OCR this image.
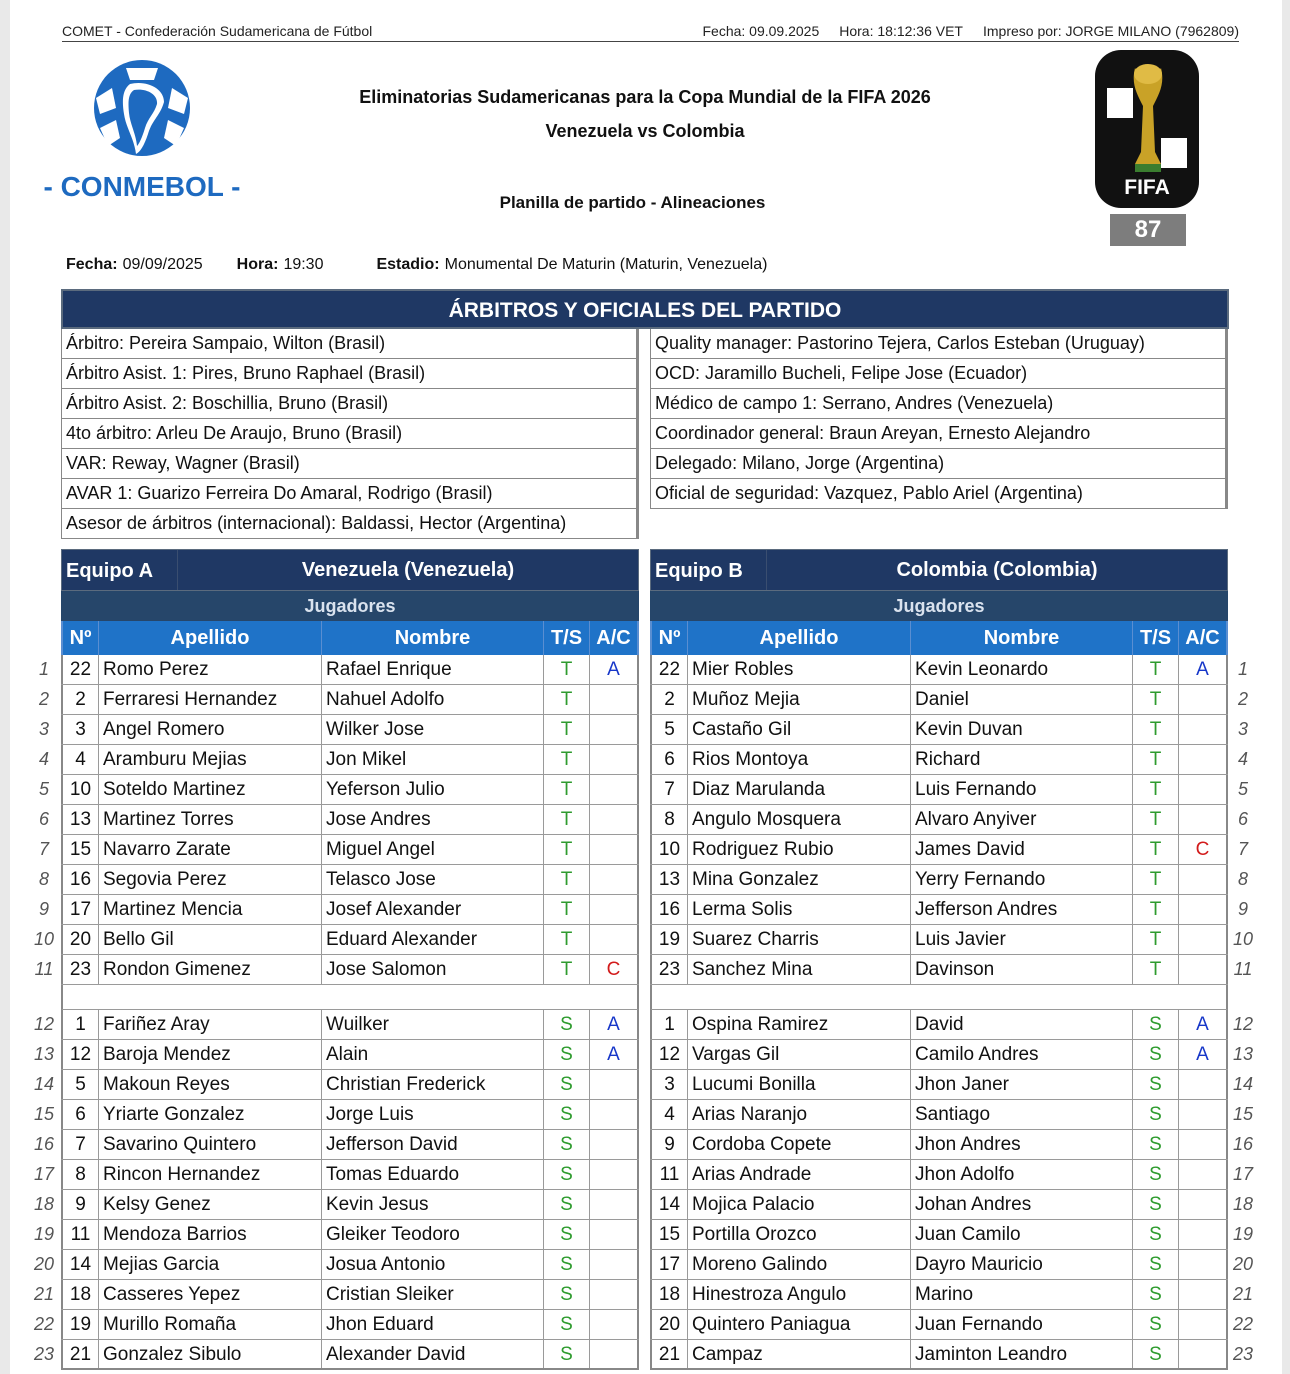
COMET - Confederación Sudamericana de Fútbol	Fecha: 09.09.2025 Hora: 18:12:36 VET Impreso por: JORGE MILANO (7962809)
- CONMEBOL -	FIFA
87
Eliminatorias Sudamericanas para la Copa Mundial de la FIFA 2026
Venezuela vs Colombia
Planilla de partido - Alineaciones
Fecha: 09/09/2025 Hora: 19:30	Estadio: Monumental De Maturin (Maturin, Venezuela)
ÁRBITROS Y OFICIALES DEL PARTIDO
Árbitro: Pereira Sampaio, Wilton (Brasil)
Árbitro Asist. 1: Pires, Bruno Raphael (Brasil)
Árbitro Asist. 2: Boschillia, Bruno (Brasil)
4to árbitro: Arleu De Araujo, Bruno (Brasil)
VAR: Reway, Wagner (Brasil)
AVAR 1: Guarizo Ferreira Do Amaral, Rodrigo (Brasil)
Asesor de árbitros (internacional): Baldassi, Hector (Argentina)
Quality manager: Pastorino Tejera, Carlos Esteban (Uruguay)
OCD: Jaramillo Bucheli, Felipe Jose (Ecuador)
Médico de campo 1: Serrano, Andres (Venezuela)
Coordinador general: Braun Areyan, Ernesto Alejandro
Delegado: Milano, Jorge (Argentina)
Oficial de seguridad: Vazquez, Pablo Ariel (Argentina)
Equipo A	Venezuela (Venezuela)
Jugadores
Nº	Apellido	Nombre	T/S A/C
22 Romo Perez	Rafael Enrique	T	A
2 Ferraresi Hernandez	Nahuel Adolfo	T
3 Angel Romero	Wilker Jose	T
4 Aramburu Mejias	Jon Mikel	T
10 Soteldo Martinez	Yeferson Julio	T
13 Martinez Torres	Jose Andres	T
15 Navarro Zarate	Miguel Angel	T
16 Segovia Perez	Telasco Jose	T
17 Martinez Mencia	Josef Alexander	T
20 Bello Gil	Eduard Alexander	T
23 Rondon Gimenez	Jose Salomon	T	C
1 Fariñez Aray	Wuilker	S	A
12 Baroja Mendez	Alain	S	A
5 Makoun Reyes	Christian Frederick	S
6 Yriarte Gonzalez	Jorge Luis	S
7 Savarino Quintero	Jefferson David	S
8 Rincon Hernandez	Tomas Eduardo	S
9 Kelsy Genez	Kevin Jesus	S
11 Mendoza Barrios	Gleiker Teodoro	S
14 Mejias Garcia	Josua Antonio	S
18 Casseres Yepez	Cristian Sleiker	S
19 Murillo Romaña	Jhon Eduard	S
21 Gonzalez Sibulo	Alexander David	S
Equipo B	Colombia (Colombia)
Jugadores
Nº	Apellido	Nombre	T/S A/C
22 Mier Robles	Kevin Leonardo	T	A
2 Muñoz Mejia	Daniel	T
5 Castaño Gil	Kevin Duvan	T
6 Rios Montoya	Richard	T
7 Diaz Marulanda	Luis Fernando	T
8 Angulo Mosquera	Alvaro Anyiver	T
10 Rodriguez Rubio	James David	T	C
13 Mina Gonzalez	Yerry Fernando	T
16 Lerma Solis	Jefferson Andres	T
19 Suarez Charris	Luis Javier	T
23 Sanchez Mina	Davinson	T
1 Ospina Ramirez	David	S	A
12 Vargas Gil	Camilo Andres	S	A
3 Lucumi Bonilla	Jhon Janer	S
4 Arias Naranjo	Santiago	S
9 Cordoba Copete	Jhon Andres	S
11 Arias Andrade	Jhon Adolfo	S
14 Mojica Palacio	Johan Andres	S
15 Portilla Orozco	Juan Camilo	S
17 Moreno Galindo	Dayro Mauricio	S
18 Hinestroza Angulo	Marino	S
20 Quintero Paniagua	Juan Fernando	S
21 Campaz	Jaminton Leandro	S
1	1
2	2
3	3
4	4
5	5
6	6
7	7
8	8
9	9
10	10
11	11
12	12
13	13
14	14
15	15
16	16
17	17
18	18
19	19
20	20
21	21
22	22
23	23
